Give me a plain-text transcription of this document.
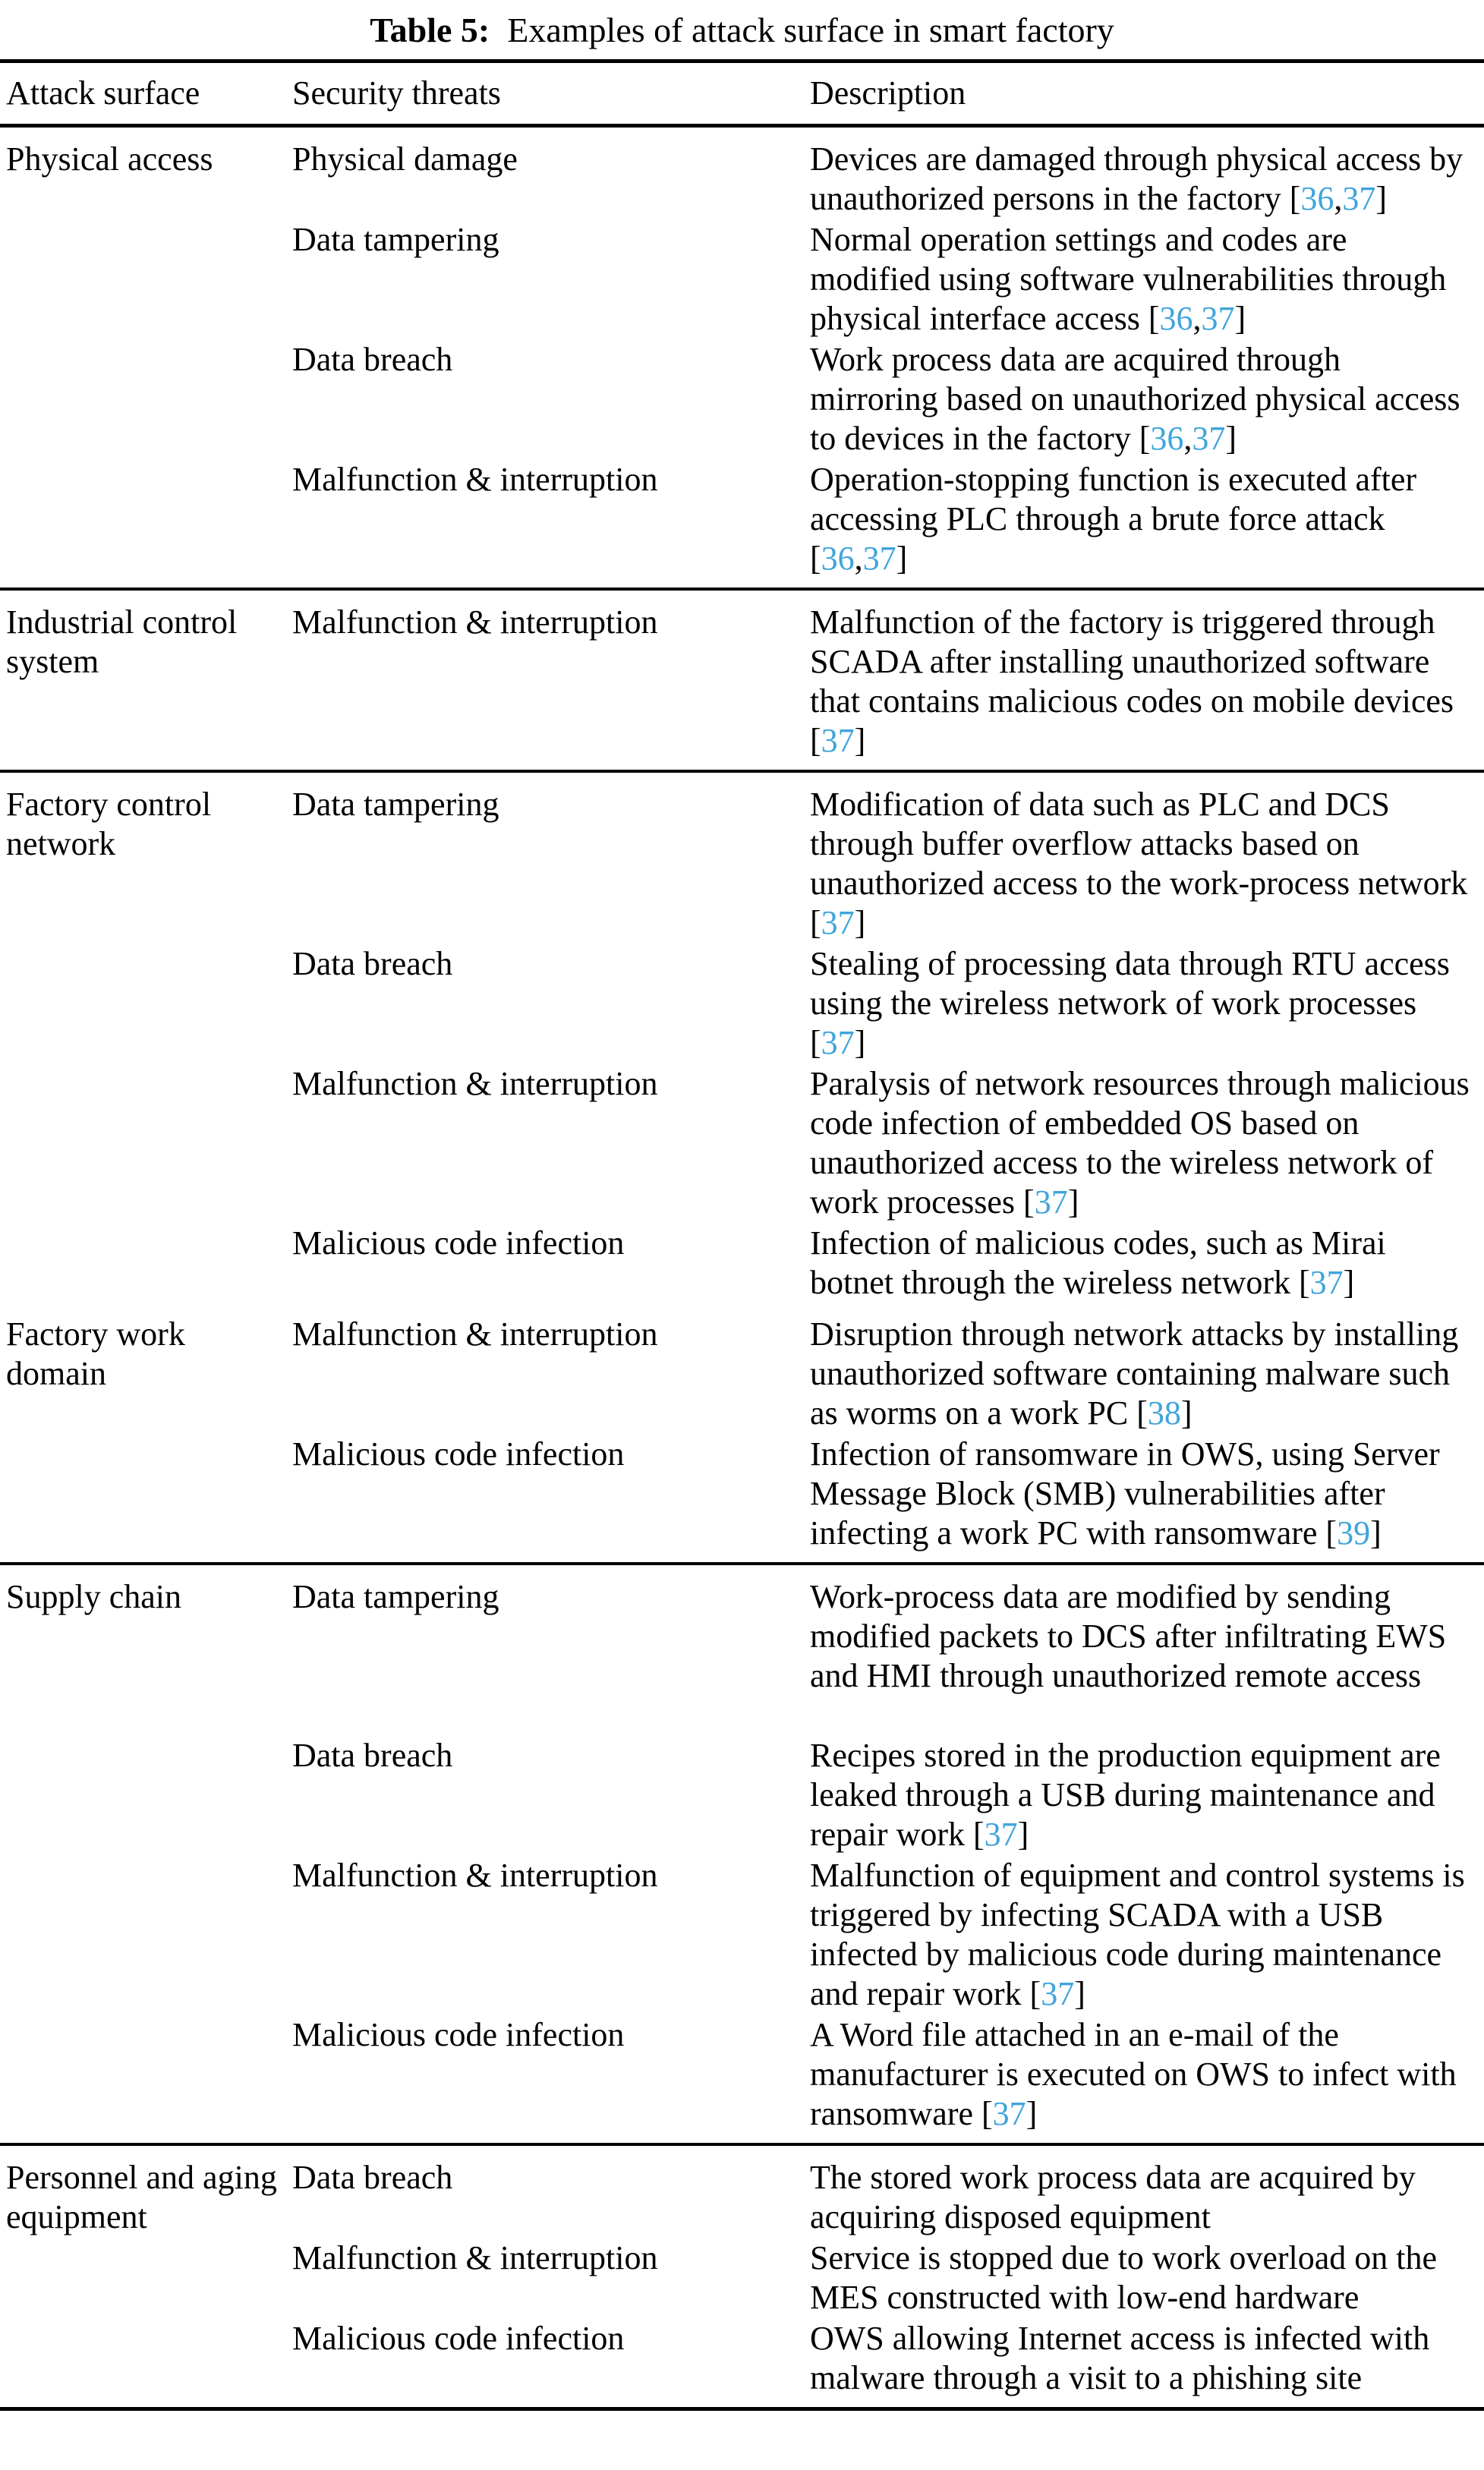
Table 5: Examples of attack surface in smart factory
Attack surface	Security threats	Description
Physical access	Physical damage	Devices are damaged through physical access by unauthorized persons in the factory [36,37]
	Data tampering	Normal operation settings and codes are modified using software vulnerabilities through physical interface access [36,37]
	Data breach	Work process data are acquired through mirroring based on unauthorized physical access to devices in the factory [36,37]
	Malfunction & interruption	Operation-stopping function is executed after accessing PLC through a brute force attack [36,37]
Industrial control system	Malfunction & interruption	Malfunction of the factory is triggered through SCADA after installing unauthorized software that contains malicious codes on mobile devices [37]
Factory control network	Data tampering	Modification of data such as PLC and DCS through buffer overflow attacks based on unauthorized access to the work-process network [37]
	Data breach	Stealing of processing data through RTU access using the wireless network of work processes [37]
	Malfunction & interruption	Paralysis of network resources through malicious code infection of embedded OS based on unauthorized access to the wireless network of work processes [37]
	Malicious code infection	Infection of malicious codes, such as Mirai botnet through the wireless network [37]
Factory work domain	Malfunction & interruption	Disruption through network attacks by installing unauthorized software containing malware such as worms on a work PC [38]
	Malicious code infection	Infection of ransomware in OWS, using Server Message Block (SMB) vulnerabilities after infecting a work PC with ransomware [39]
Supply chain	Data tampering	Work-process data are modified by sending modified packets to DCS after infiltrating EWS and HMI through unauthorized remote access
	Data breach	Recipes stored in the production equipment are leaked through a USB during maintenance and repair work [37]
	Malfunction & interruption	Malfunction of equipment and control systems is triggered by infecting SCADA with a USB infected by malicious code during maintenance and repair work [37]
	Malicious code infection	A Word file attached in an e-mail of the manufacturer is executed on OWS to infect with ransomware [37]
Personnel and aging equipment	Data breach	The stored work process data are acquired by acquiring disposed equipment
	Malfunction & interruption	Service is stopped due to work overload on the MES constructed with low-end hardware
	Malicious code infection	OWS allowing Internet access is infected with malware through a visit to a phishing site
